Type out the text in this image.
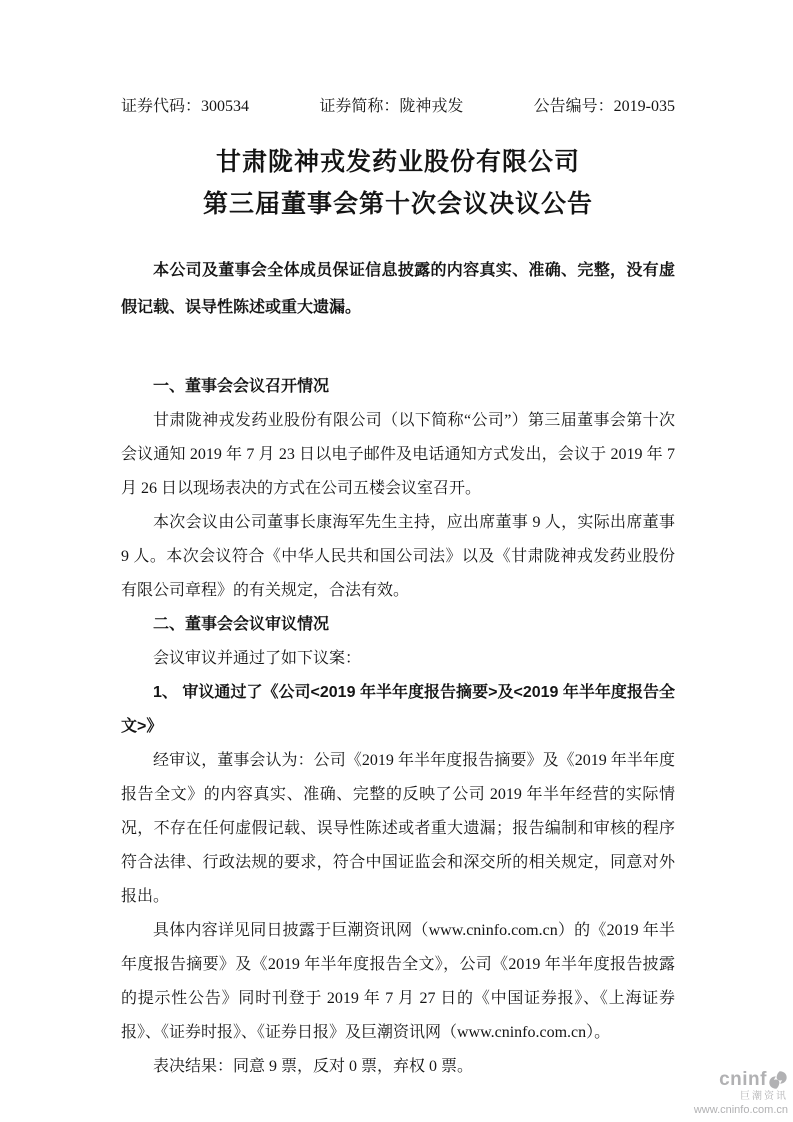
证券代码：300534	证券简称：陇神戎发	公告编号：2019-035
甘肃陇神戎发药业股份有限公司
第三届董事会第十次会议决议公告

本公司及董事会全体成员保证信息披露的内容真实、准确、完整，没有虚假记载、误导性陈述或重大遗漏。

一、董事会会议召开情况

甘肃陇神戎发药业股份有限公司（以下简称“公司”）第三届董事会第十次会议通知 2019 年 7 月 23 日以电子邮件及电话通知方式发出，会议于 2019 年 7 月 26 日以现场表决的方式在公司五楼会议室召开。

本次会议由公司董事长康海军先生主持，应出席董事 9 人，实际出席董事 9 人。本次会议符合《中华人民共和国公司法》以及《甘肃陇神戎发药业股份有限公司章程》的有关规定，合法有效。

二、董事会会议审议情况

会议审议并通过了如下议案：

1、 审议通过了《公司<2019 年半年度报告摘要>及<2019 年半年度报告全文>》

经审议，董事会认为：公司《2019 年半年度报告摘要》及《2019 年半年度报告全文》的内容真实、准确、完整的反映了公司 2019 年半年经营的实际情况，不存在任何虚假记载、误导性陈述或者重大遗漏；报告编制和审核的程序符合法律、行政法规的要求，符合中国证监会和深交所的相关规定，同意对外报出。

具体内容详见同日披露于巨潮资讯网（www.cninfo.com.cn）的《2019 年半年度报告摘要》及《2019 年半年度报告全文》，公司《2019 年半年度报告披露的提示性公告》同时刊登于 2019 年 7 月 27 日的《中国证券报》、《上海证券报》、《证券时报》、《证券日报》及巨潮资讯网（www.cninfo.com.cn）。

表决结果：同意 9 票，反对 0 票，弃权 0 票。

cninf
巨潮资讯
www.cninfo.com.cn
